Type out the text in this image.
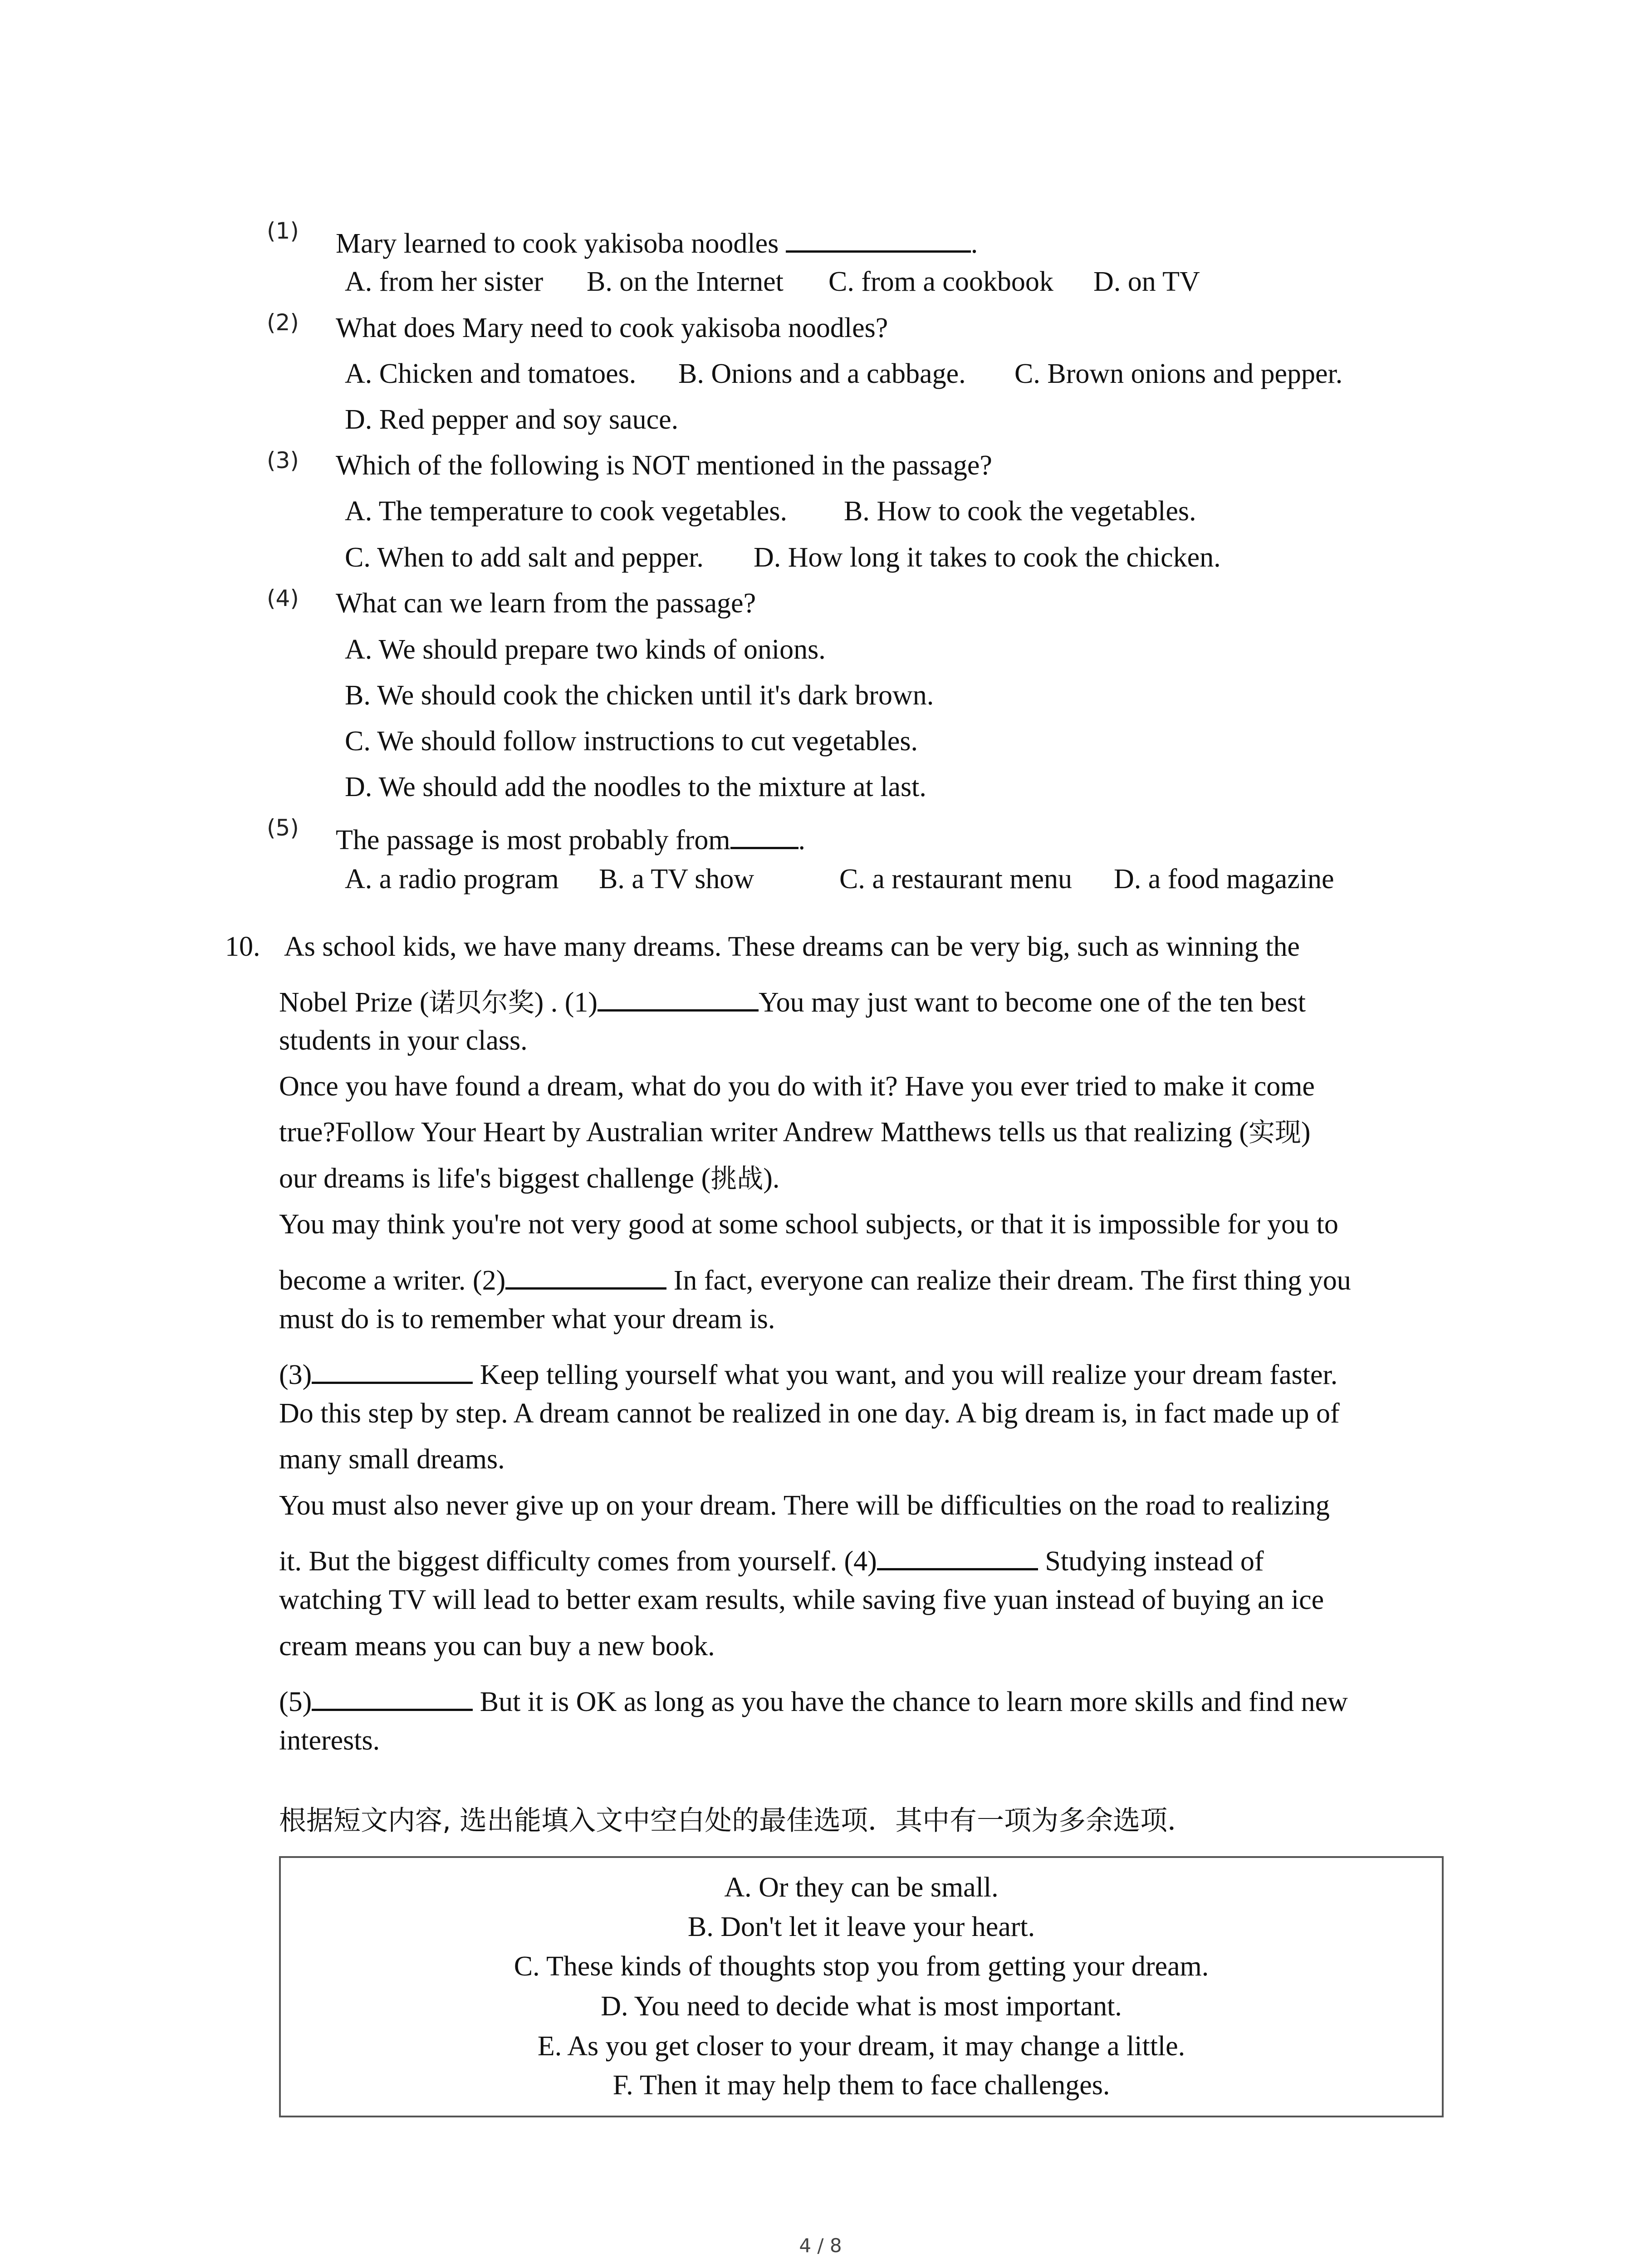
(1) Mary learned to cook yakisoba noodles	.
A. from her sister B. on the Internet C. from a cookbook D. on TV
(2) What does Mary need to cook yakisoba noodles?
A. Chicken and tomatoes. B. Onions and a cabbage. C. Brown onions and pepper.
D. Red pepper and soy sauce.
(3) Which of the following is NOT mentioned in the passage?
A. The temperature to cook vegetables. B. How to cook the vegetables.
C. When to add salt and pepper. D. How long it takes to cook the chicken.
(4) What can we learn from the passage?
A. We should prepare two kinds of onions.
B. We should cook the chicken until it's dark brown.
C. We should follow instructions to cut vegetables.
D. We should add the noodles to the mixture at last.
(5) The passage is most probably from .
A. a radio program B. a TV show	C. a restaurant menu D. a food magazine
10. As school kids, we have many dreams. These dreams can be very big, such as winning the
Nobel Prize (诺贝尔奖) . (1)	You may just want to become one of the ten best
students in your class.
Once you have found a dream, what do you do with it? Have you ever tried to make it come
true?Follow Your Heart by Australian writer Andrew Matthews tells us that realizing (实现)
our dreams is life's biggest challenge (挑战).
You may think you're not very good at some school subjects, or that it is impossible for you to
become a writer. (2)	In fact, everyone can realize their dream. The first thing you
must do is to remember what your dream is.
(3)	Keep telling yourself what you want, and you will realize your dream faster.
Do this step by step. A dream cannot be realized in one day. A big dream is, in fact made up of
many small dreams.
You must also never give up on your dream. There will be difficulties on the road to realizing
it. But the biggest difficulty comes from yourself. (4)	Studying instead of
watching TV will lead to better exam results, while saving five yuan instead of buying an ice
cream means you can buy a new book.
(5)	But it is OK as long as you have the chance to learn more skills and find new
interests.
根据短文内容, 选出能填入文中空白处的最佳选项．其中有一项为多余选项．
A. Or they can be small.
B. Don't let it leave your heart.
C. These kinds of thoughts stop you from getting your dream.
D. You need to decide what is most important.
E. As you get closer to your dream, it may change a little.
F. Then it may help them to face challenges.
4 / 8
